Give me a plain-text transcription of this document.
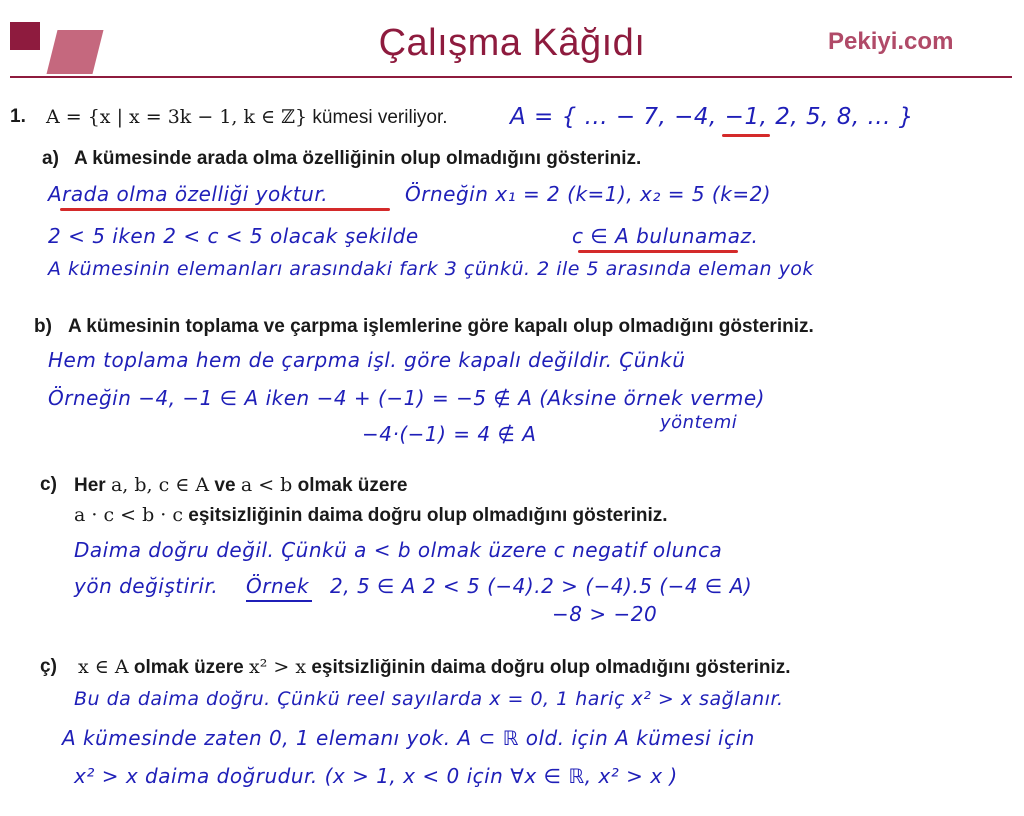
Çalışma Kâğıdı	Pekiyi.com
1. A = {x | x = 3k − 1, k ∈ ℤ} kümesi veriliyor.	A = { ... − 7, −4, −1, 2, 5, 8, ... }
a) A kümesinde arada olma özelliğinin olup olmadığını gösteriniz.
Arada olma özelliği yoktur.	Örneğin x₁ = 2 (k=1), x₂ = 5 (k=2)
2 < 5 iken 2 < c < 5 olacak şekilde	c ∈ A bulunamaz.
A kümesinin elemanları arasındaki fark 3 çünkü. 2 ile 5 arasında eleman yok
b) A kümesinin toplama ve çarpma işlemlerine göre kapalı olup olmadığını gösteriniz.
Hem toplama hem de çarpma işl. göre kapalı değildir. Çünkü
Örneğin −4, −1 ∈ A iken −4 + (−1) = −5 ∉ A (Aksine örnek verme)
−4·(−1) = 4 ∉ A	yöntemi
c) Her a, b, c ∈ A ve a < b olmak üzere
a · c < b · c eşitsizliğinin daima doğru olup olmadığını gösteriniz.
Daima doğru değil. Çünkü a < b olmak üzere c negatif olunca
yön değiştirir. Örnek 2, 5 ∈ A 2 < 5 (−4).2 > (−4).5 (−4 ∈ A)
−8 > −20
ç) x ∈ A olmak üzere x² > x eşitsizliğinin daima doğru olup olmadığını gösteriniz.
Bu da daima doğru. Çünkü reel sayılarda x = 0, 1 hariç x² > x sağlanır.
A kümesinde zaten 0, 1 elemanı yok. A ⊂ ℝ old. için A kümesi için
x² > x daima doğrudur. (x > 1, x < 0 için ∀x ∈ ℝ, x² > x )
